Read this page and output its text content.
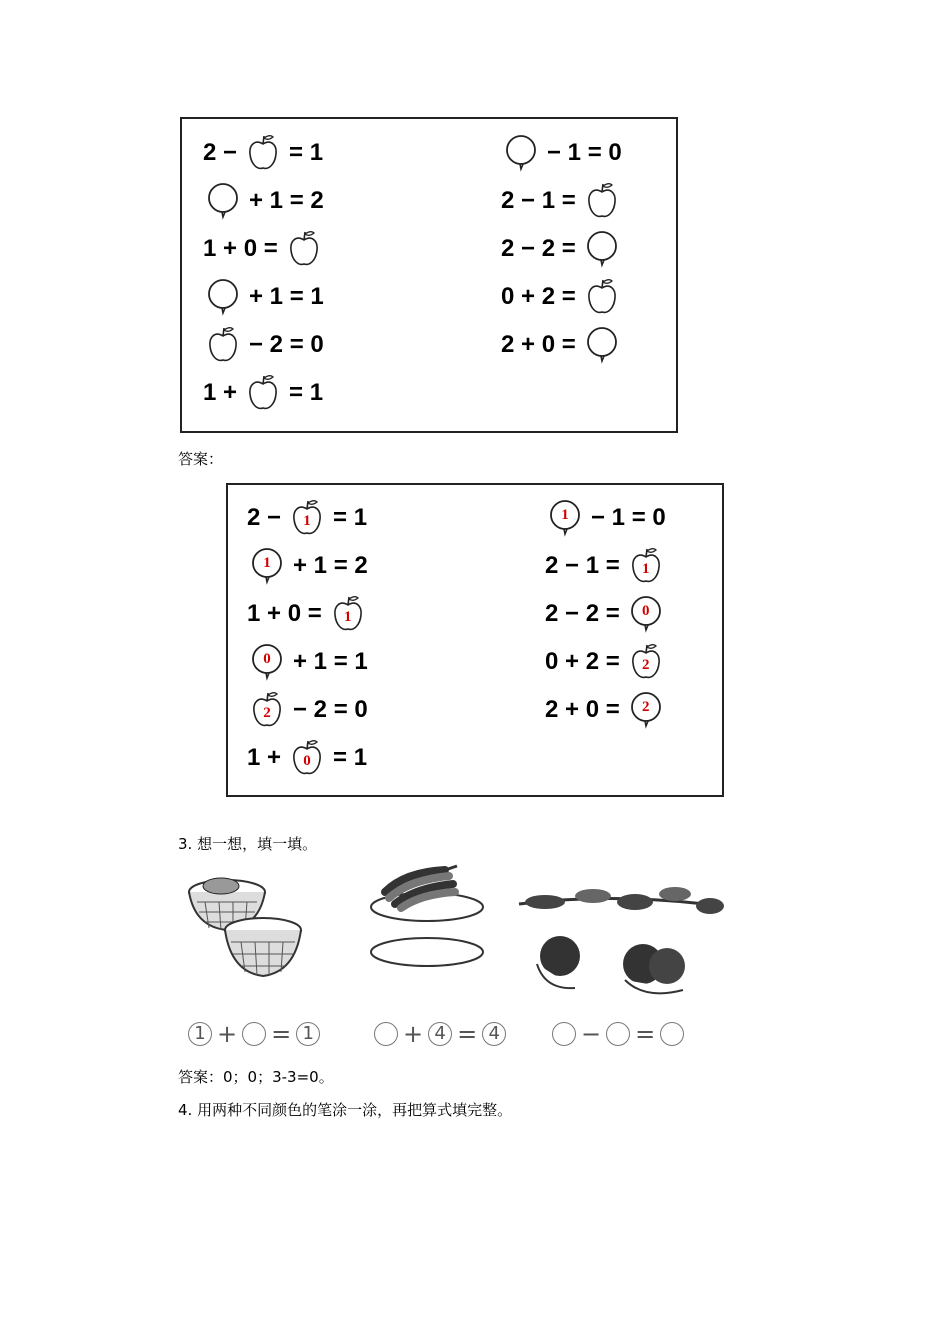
2 − = 1
+ 1 = 2
1 + 0 =
+ 1 = 1
− 2 = 0
1 + = 1
− 1 = 0
2 − 1 =
2 − 2 =
0 + 2 =
2 + 0 =
答案：
2 −	1 = 1
1 + 1 = 2
1 + 0 =	1
0 + 1 = 1
2 − 2 = 0
1 +	0 = 1
1 − 1 = 0
2 − 1 =	1
2 − 2 =	0
0 + 2 =	2
2 + 0 =	2
3. 想一想，填一填。
1 + = 1	+ 4 = 4	− =
答案：0；0；3-3=0。
4. 用两种不同颜色的笔涂一涂，再把算式填完整。
